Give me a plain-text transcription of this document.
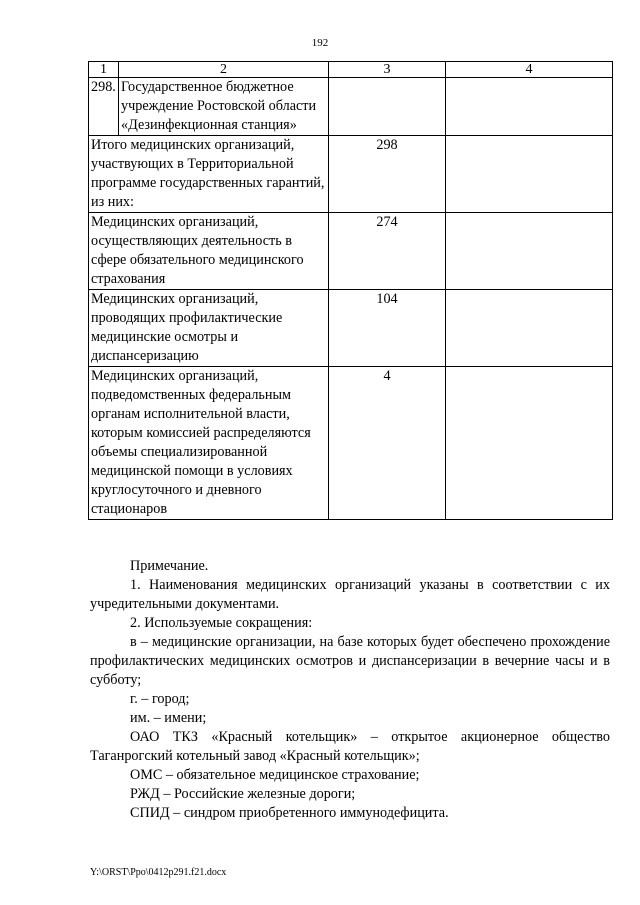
192
1	2	3	4
298.	Государственное бюджетное учреждение Ростовской области «Дезинфекционная станция»		
Итого медицинских организаций, участвующих в Территориальной программе государственных гарантий, из них:		298	
Медицинских организаций, осуществляющих деятельность в сфере обязательного медицинского страхования		274	
Медицинских организаций, проводящих профилактические медицинские осмотры и диспансеризацию		104	
Медицинских организаций, подведомственных федеральным органам исполнительной власти, которым комиссией распределяются объемы специализированной медицинской помощи в условиях круглосуточного и дневного стационаров		4	

Примечание.

1. Наименования медицинских организаций указаны в соответствии с их учредительными документами.

2. Используемые сокращения:

в – медицинские организации, на базе которых будет обеспечено прохождение профилактических медицинских осмотров и диспансеризации в вечерние часы и в субботу;

г. – город;

им. – имени;

ОАО ТКЗ «Красный котельщик» – открытое акционерное общество Таганрогский котельный завод «Красный котельщик»;

ОМС – обязательное медицинское страхование;

РЖД – Российские железные дороги;

СПИД – синдром приобретенного иммунодефицита.

Y:\ORST\Ppo\0412p291.f21.docx
